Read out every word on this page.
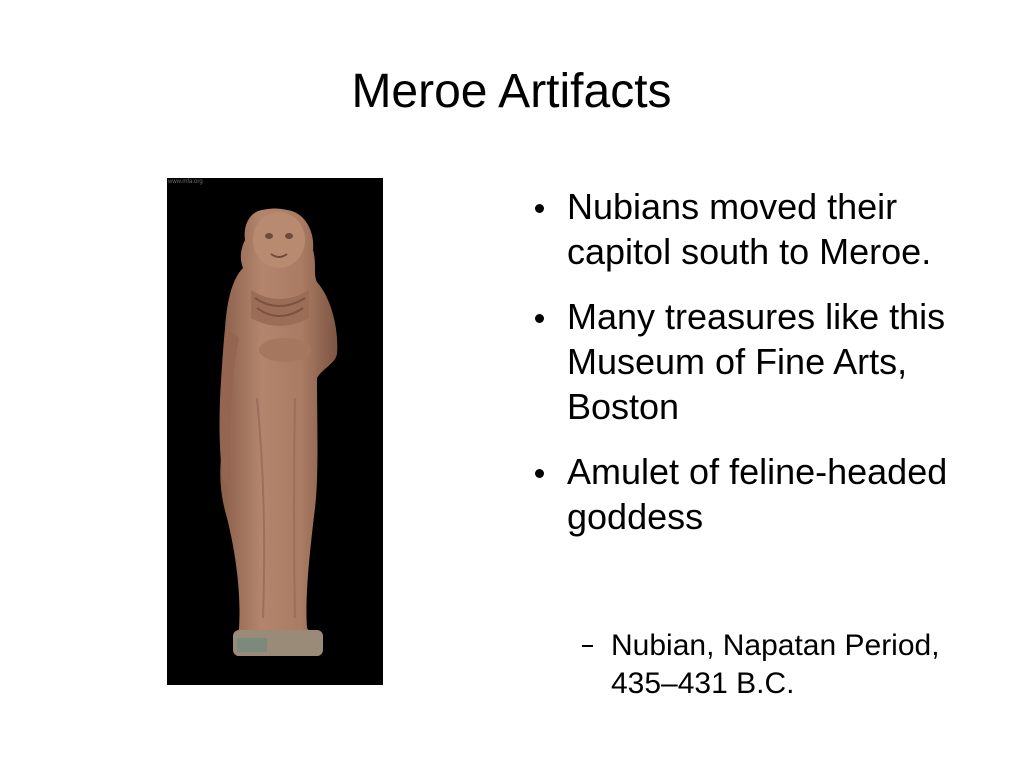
Meroe Artifacts
www.mfa.org
Nubians moved their capitol south to Meroe.
Many treasures like this Museum of Fine Arts, Boston
Amulet of feline-headed goddess
Nubian, Napatan Period, 435–431 B.C.
